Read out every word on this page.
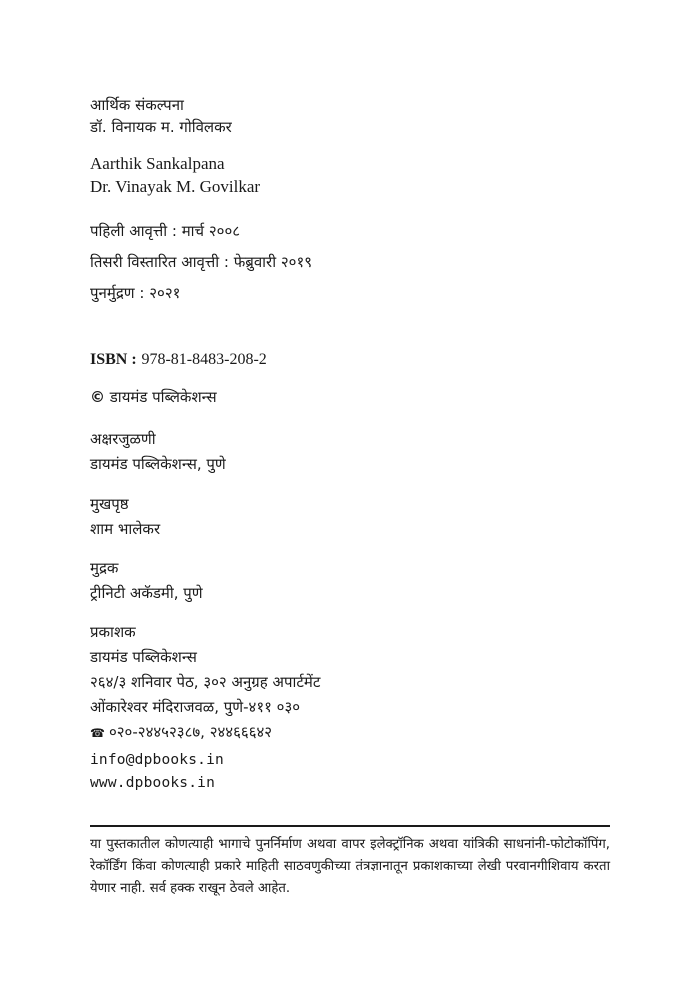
आर्थिक संकल्पना
डॉ. विनायक म. गोविलकर
Aarthik Sankalpana
Dr. Vinayak M. Govilkar
पहिली आवृत्ती : मार्च २००८
तिसरी विस्तारित आवृत्ती : फेब्रुवारी २०१९
पुनर्मुद्रण : २०२१
ISBN : 978-81-8483-208-2
© डायमंड पब्लिकेशन्स
अक्षरजुळणी
डायमंड पब्लिकेशन्स, पुणे
मुखपृष्ठ
शाम भालेकर
मुद्रक
ट्रीनिटी अकॅडमी, पुणे
प्रकाशक
डायमंड पब्लिकेशन्स
२६४/३ शनिवार पेठ, ३०२ अनुग्रह अपार्टमेंट
ओंकारेश्वर मंदिराजवळ, पुणे-४११ ०३०
☎ ०२०-२४४५२३८७, २४४६६६४२
info@dpbooks.in
www.dpbooks.in
या पुस्तकातील कोणत्याही भागाचे पुनर्निर्माण अथवा वापर इलेक्ट्रॉनिक अथवा यांत्रिकी साधनांनी-फोटोकॉपिंग, रेकॉर्डिंग किंवा कोणत्याही प्रकारे माहिती साठवणुकीच्या तंत्रज्ञानातून प्रकाशकाच्या लेखी परवानगीशिवाय करता येणार नाही. सर्व हक्क राखून ठेवले आहेत.
